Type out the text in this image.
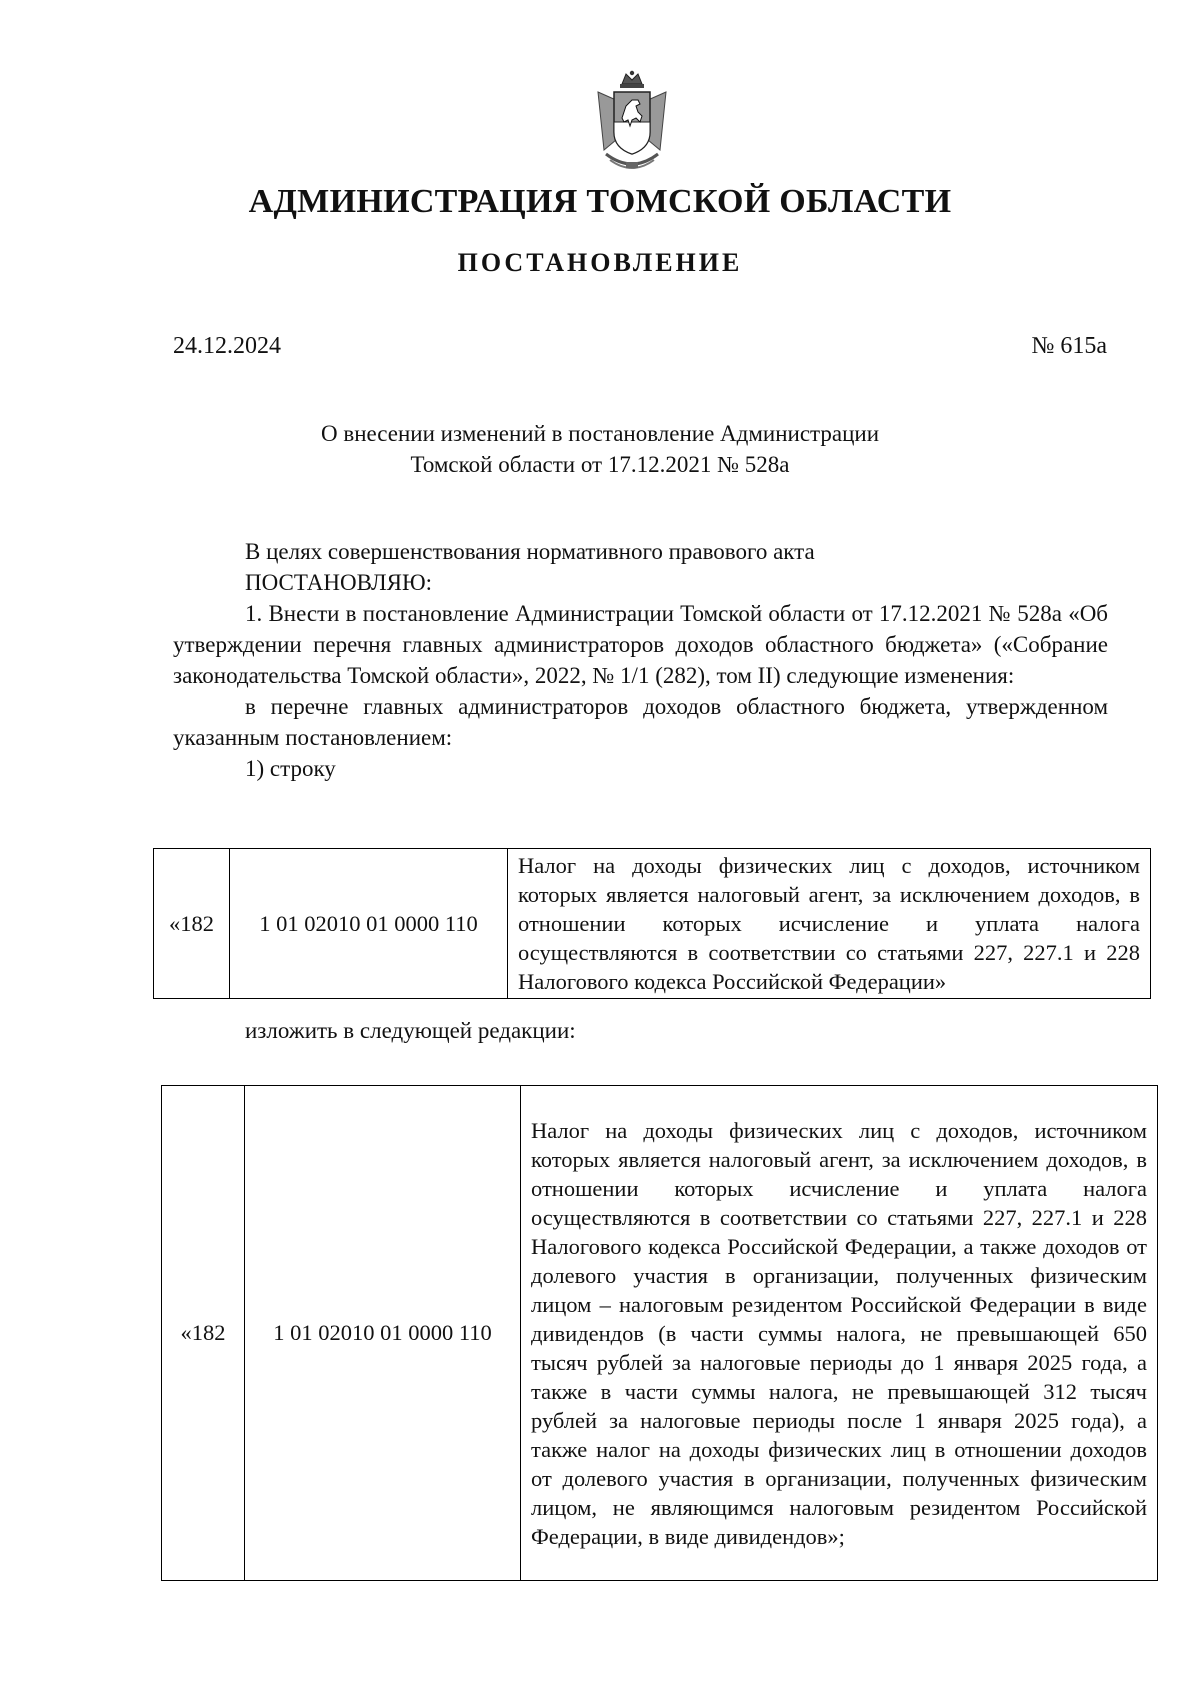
АДМИНИСТРАЦИЯ ТОМСКОЙ ОБЛАСТИ
ПОСТАНОВЛЕНИЕ
24.12.2024	№ 615а
О внесении изменений в постановление Администрации
Томской области от 17.12.2021 № 528а

В целях совершенствования нормативного правового акта

ПОСТАНОВЛЯЮ:

1. Внести в постановление Администрации Томской области от 17.12.2021 № 528а «Об утверждении перечня главных администраторов доходов областного бюджета» («Собрание законодательства Томской области», 2022, № 1/1 (282), том II) следующие изменения:

в перечне главных администраторов доходов областного бюджета, утвержденном указанным постановлением:

1) строку

«182	1 01 02010 01 0000 110	Налог на доходы физических лиц с доходов, источником которых является налоговый агент, за исключением доходов, в отношении которых исчисление и уплата налога осуществляются в соответствии со статьями 227, 227.1 и 228 Налогового кодекса Российской Федерации»
изложить в следующей редакции:
«182	1 01 02010 01 0000 110	Налог на доходы физических лиц с доходов, источником которых является налоговый агент, за исключением доходов, в отношении которых исчисление и уплата налога осуществляются в соответствии со статьями 227, 227.1 и 228 Налогового кодекса Российской Федерации, а также доходов от долевого участия в организации, полученных физическим лицом – налоговым резидентом Российской Федерации в виде дивидендов (в части суммы налога, не превышающей 650 тысяч рублей за налоговые периоды до 1 января 2025 года, а также в части суммы налога, не превышающей 312 тысяч рублей за налоговые периоды после 1 января 2025 года), а также налог на доходы физических лиц в отношении доходов от долевого участия в организации, полученных физическим лицом, не являющимся налоговым резидентом Российской Федерации, в виде дивидендов»;
